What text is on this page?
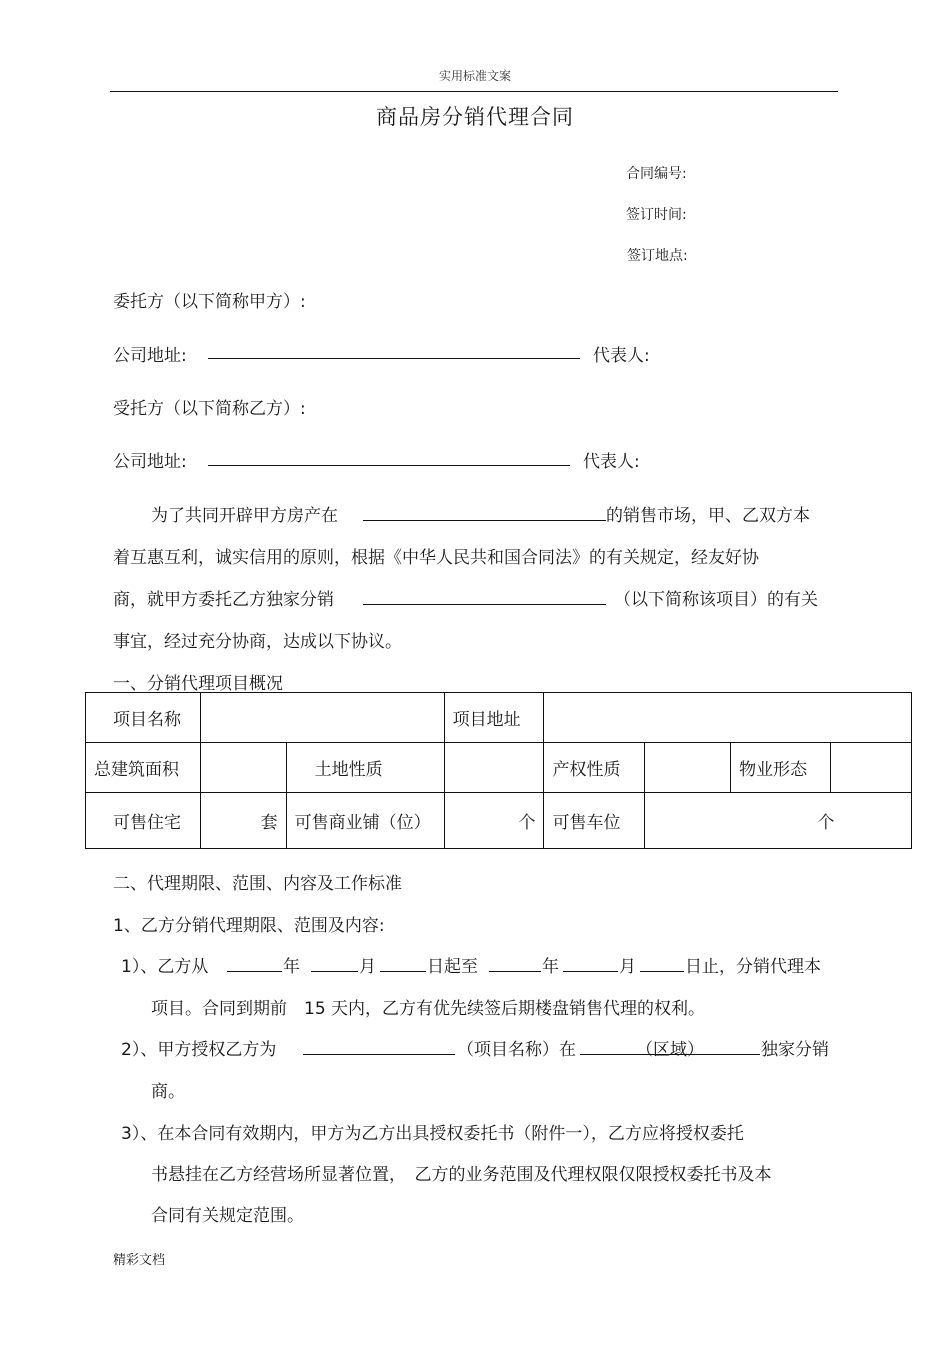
实用标准文案
商品房分销代理合同
合同编号:
签订时间:
签订地点:
委托方（以下简称甲方）:
公司地址:	代表人:
受托方（以下简称乙方）:
公司地址:	代表人:
为了共同开辟甲方房产在	的销售市场，甲、乙双方本
着互惠互利，诚实信用的原则，根据《中华人民共和国合同法》的有关规定，经友好协
商，就甲方委托乙方独家分销	（以下简称该项目）的有关
事宜，经过充分协商，达成以下协议。
一、分销代理项目概况
项目名称			项目地址				
总建筑面积		土地性质		产权性质		物业形态	
可售住宅	套	可售商业铺（位）	个	可售车位	个		
二、代理期限、范围、内容及工作标准
1、乙方分销代理期限、范围及内容:
1）、乙方从	年	月	日起至	年	月	日止，分销代理本
项目。合同到期前　15 天内，乙方有优先续签后期楼盘销售代理的权利。
2）、甲方授权乙方为	（项目名称）在	（区域）	独家分销
商。
3）、在本合同有效期内，甲方为乙方出具授权委托书（附件一），乙方应将授权委托
书悬挂在乙方经营场所显著位置，　乙方的业务范围及代理权限仅限授权委托书及本
合同有关规定范围。
精彩文档
